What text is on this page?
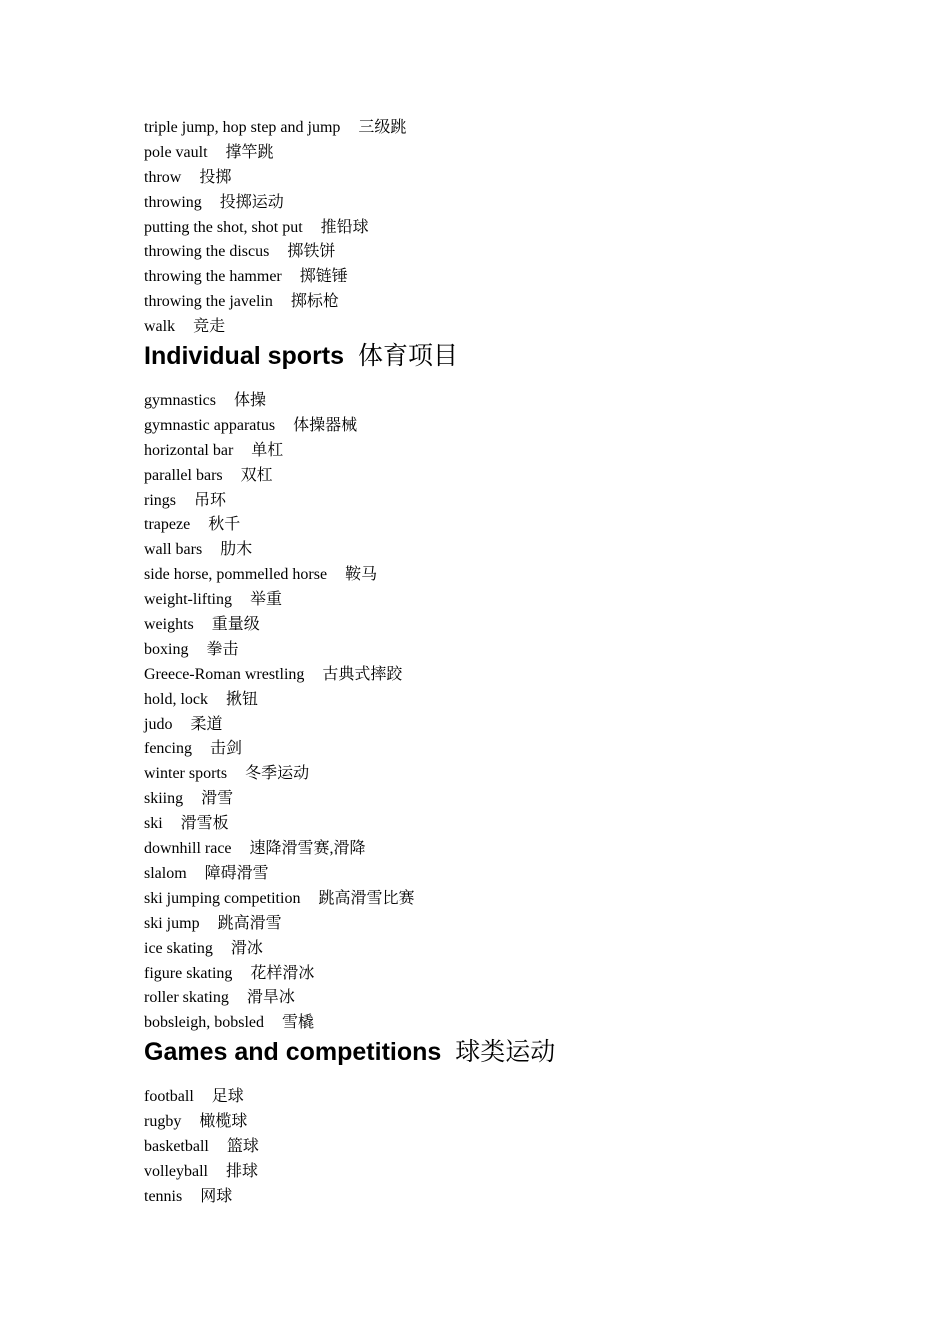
triple jump, hop step and jump 三级跳
pole vault 撑竿跳
throw 投掷
throwing 投掷运动
putting the shot, shot put 推铅球
throwing the discus 掷铁饼
throwing the hammer 掷链锤
throwing the javelin 掷标枪
walk 竞走
Individual sports 体育项目
gymnastics 体操
gymnastic apparatus 体操器械
horizontal bar 单杠
parallel bars 双杠
rings 吊环
trapeze 秋千
wall bars 肋木
side horse, pommelled horse 鞍马
weight-lifting 举重
weights 重量级
boxing 拳击
Greece-Roman wrestling 古典式摔跤
hold, lock 揪钮
judo 柔道
fencing 击剑
winter sports 冬季运动
skiing 滑雪
ski 滑雪板
downhill race 速降滑雪赛,滑降
slalom 障碍滑雪
ski jumping competition 跳高滑雪比赛
ski jump 跳高滑雪
ice skating 滑冰
figure skating 花样滑冰
roller skating 滑旱冰
bobsleigh, bobsled 雪橇
Games and competitions 球类运动
football 足球
rugby 橄榄球
basketball 篮球
volleyball 排球
tennis 网球
